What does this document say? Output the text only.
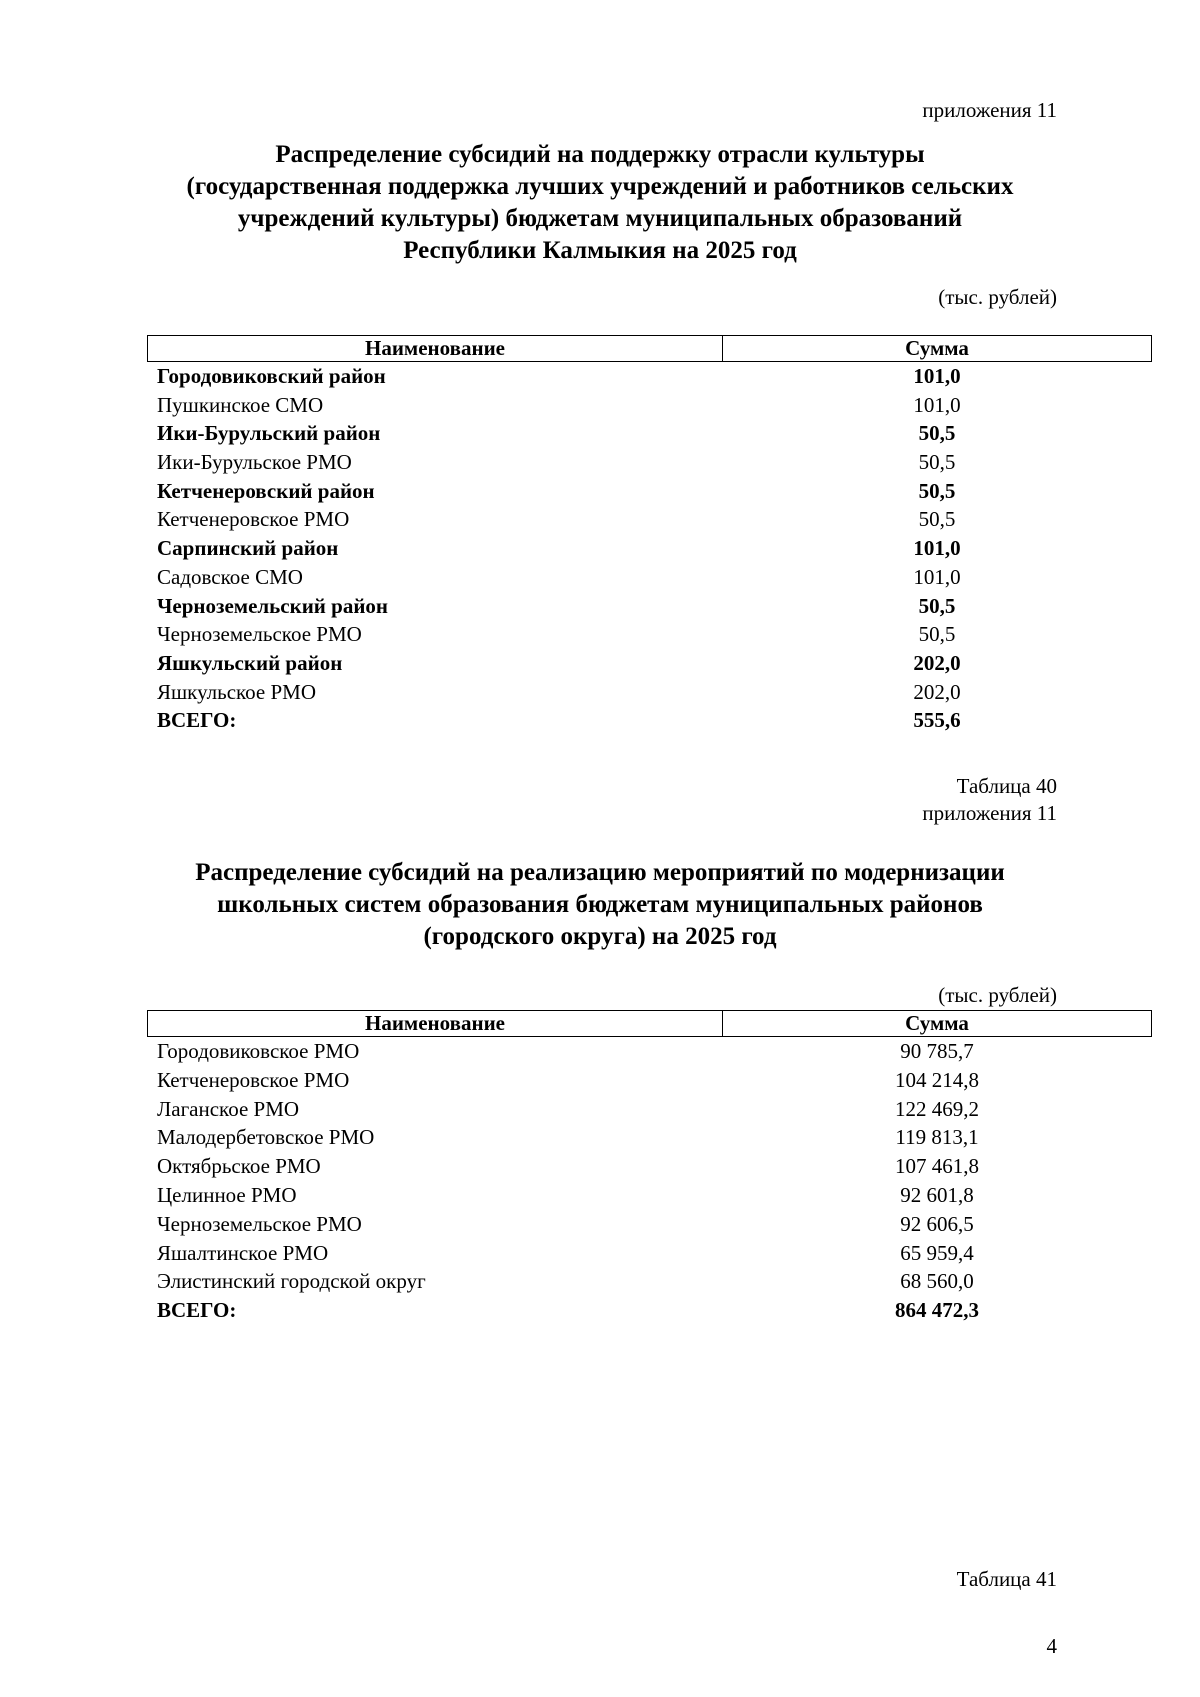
приложения 11
Распределение субсидий на поддержку отрасли культуры
(государственная поддержка лучших учреждений и работников сельских
учреждений культуры) бюджетам муниципальных образований
Республики Калмыкия на 2025 год
(тыс. рублей)
Наименование	Сумма
Городовиковский район	101,0
Пушкинское СМО	101,0
Ики-Бурульский район	50,5
Ики-Бурульское РМО	50,5
Кетченеровский район	50,5
Кетченеровское РМО	50,5
Сарпинский район	101,0
Садовское СМО	101,0
Черноземельский район	50,5
Черноземельское РМО	50,5
Яшкульский район	202,0
Яшкульское РМО	202,0
ВСЕГО:	555,6
Таблица 40
приложения 11
Распределение субсидий на реализацию мероприятий по модернизации
школьных систем образования бюджетам муниципальных районов
(городского округа) на 2025 год
(тыс. рублей)
Наименование	Сумма
Городовиковское РМО	90 785,7
Кетченеровское РМО	104 214,8
Лаганское РМО	122 469,2
Малодербетовское РМО	119 813,1
Октябрьское РМО	107 461,8
Целинное РМО	92 601,8
Черноземельское РМО	92 606,5
Яшалтинское РМО	65 959,4
Элистинский городской округ	68 560,0
ВСЕГО:	864 472,3
Таблица 41
4
